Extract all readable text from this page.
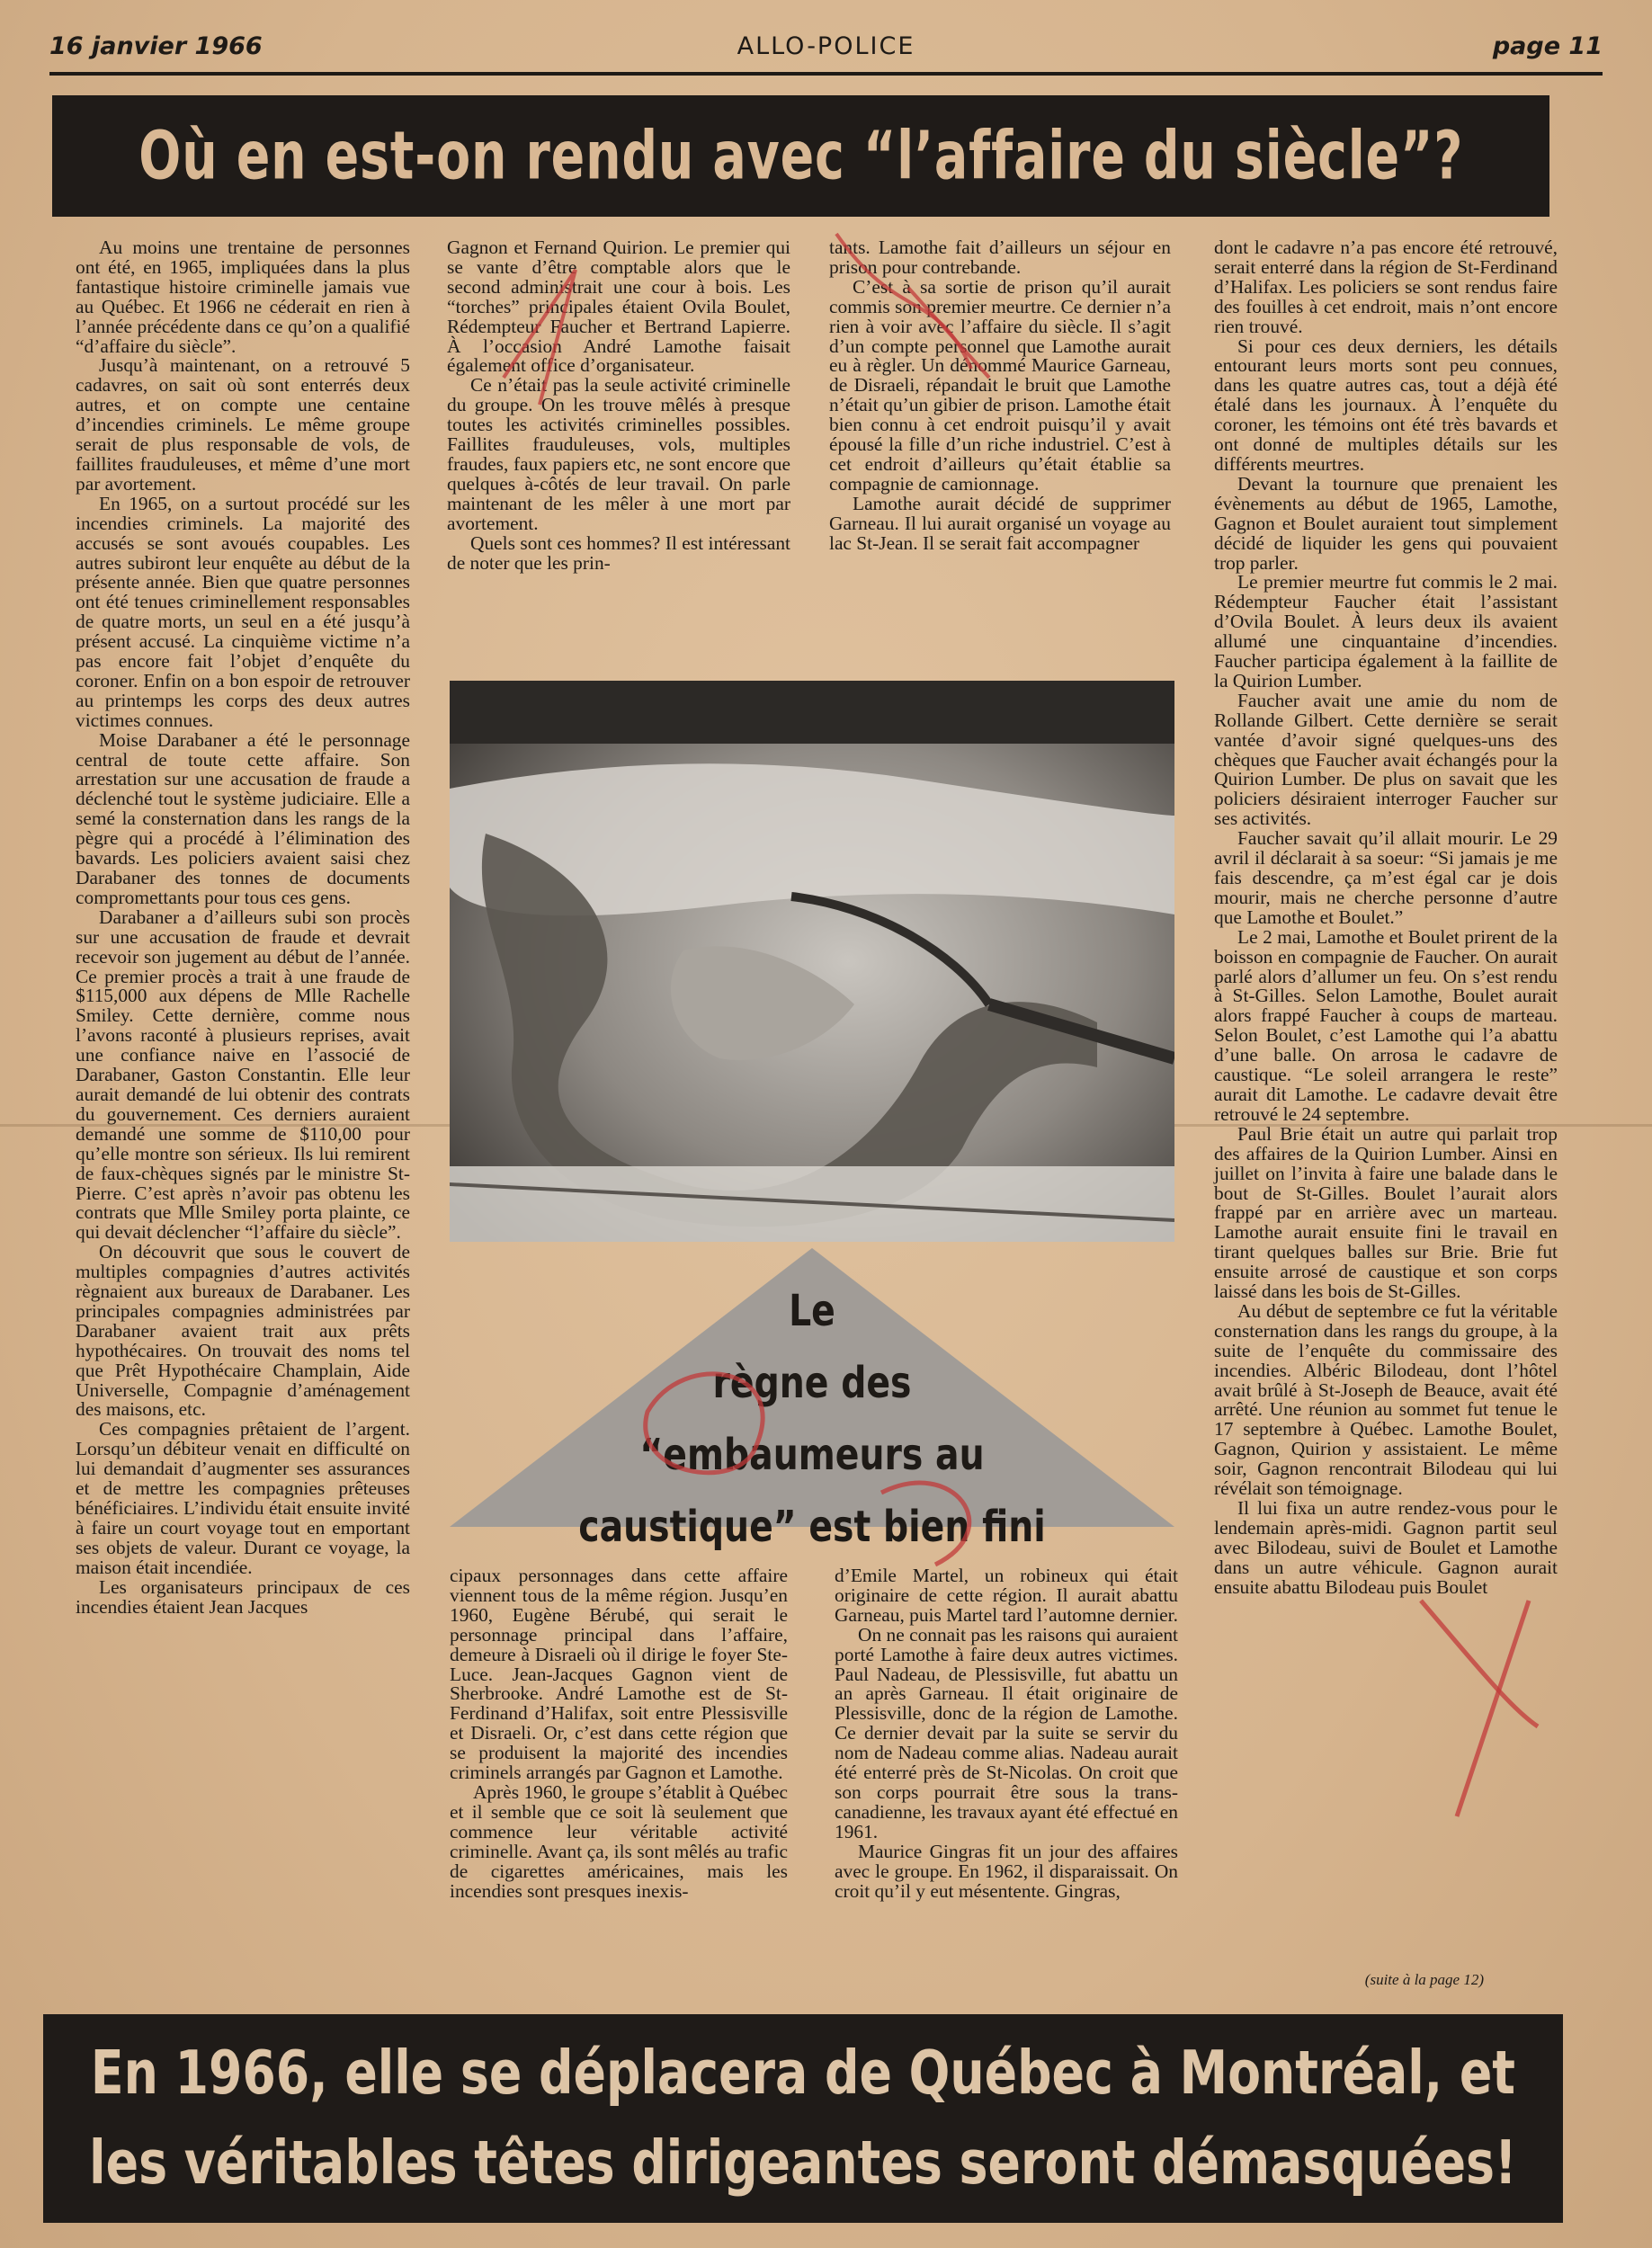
16 janvier 1966	ALLO-POLICE	page 11
Où en est-on rendu avec “l’affaire du siècle”?

Au moins une trentaine de personnes ont été, en 1965, impliquées dans la plus fantastique histoire criminelle jamais vue au Québec. Et 1966 ne céderait en rien à l’année précédente dans ce qu’on a qualifié “d’affaire du siècle”.

Jusqu’à maintenant, on a retrouvé 5 cadavres, on sait où sont enterrés deux autres, et on compte une centaine d’incendies criminels. Le même groupe serait de plus responsable de vols, de faillites frauduleuses, et même d’une mort par avortement.

En 1965, on a surtout procédé sur les incendies criminels. La majorité des accusés se sont avoués coupables. Les autres subiront leur enquête au début de la présente année. Bien que quatre personnes ont été tenues criminellement responsables de quatre morts, un seul en a été jusqu’à présent accusé. La cinquième victime n’a pas encore fait l’objet d’enquête du coroner. Enfin on a bon espoir de retrouver au printemps les corps des deux autres victimes connues.

Moise Darabaner a été le personnage central de toute cette affaire. Son arrestation sur une accusation de fraude a déclenché tout le système judiciaire. Elle a semé la consternation dans les rangs de la pègre qui a procédé à l’élimination des bavards. Les policiers avaient saisi chez Darabaner des tonnes de documents compromettants pour tous ces gens.

Darabaner a d’ailleurs subi son procès sur une accusation de fraude et devrait recevoir son jugement au début de l’année. Ce premier procès a trait à une fraude de $115,000 aux dépens de Mlle Rachelle Smiley. Cette dernière, comme nous l’avons raconté à plusieurs reprises, avait une confiance naive en l’associé de Darabaner, Gaston Constantin. Elle leur aurait demandé de lui obtenir des contrats du gouvernement. Ces derniers auraient demandé une somme de $110,00 pour qu’elle montre son sérieux. Ils lui remirent de faux-chèques signés par le ministre St-Pierre. C’est après n’avoir pas obtenu les contrats que Mlle Smiley porta plainte, ce qui devait déclencher “l’affaire du siècle”.

On découvrit que sous le couvert de multiples compagnies d’autres activités règnaient aux bureaux de Darabaner. Les principales compagnies administrées par Darabaner avaient trait aux prêts hypothécaires. On trouvait des noms tel que Prêt Hypothécaire Champlain, Aide Universelle, Compagnie d’aménagement des maisons, etc.

Ces compagnies prêtaient de l’argent. Lorsqu’un débiteur venait en difficulté on lui demandait d’augmenter ses assurances et de mettre les compagnies prêteuses bénéficiaires. L’individu était ensuite invité à faire un court voyage tout en emportant ses objets de valeur. Durant ce voyage, la maison était incendiée.

Les organisateurs principaux de ces incendies étaient Jean Jacques

Gagnon et Fernand Quirion. Le premier qui se vante d’être comptable alors que le second administrait une cour à bois. Les “torches” principales étaient Ovila Boulet, Rédempteur Faucher et Bertrand Lapierre. À l’occasion André Lamothe faisait également office d’organisateur.

Ce n’était pas la seule activité criminelle du groupe. On les trouve mêlés à presque toutes les activités criminelles possibles. Faillites frauduleuses, vols, multiples fraudes, faux papiers etc, ne sont encore que quelques à-côtés de leur travail. On parle maintenant de les mêler à une mort par avortement.

Quels sont ces hommes? Il est intéressant de noter que les prin-

tants. Lamothe fait d’ailleurs un séjour en prison pour contrebande.

C’est à sa sortie de prison qu’il aurait commis son premier meurtre. Ce dernier n’a rien à voir avec l’affaire du siècle. Il s’agit d’un compte personnel que Lamothe aurait eu à règler. Un dénommé Maurice Garneau, de Disraeli, répandait le bruit que Lamothe n’était qu’un gibier de prison. Lamothe était bien connu à cet endroit puisqu’il y avait épousé la fille d’un riche industriel. C’est à cet endroit d’ailleurs qu’était établie sa compagnie de camionnage.

Lamothe aurait décidé de supprimer Garneau. Il lui aurait organisé un voyage au lac St-Jean. Il se serait fait accompagner

dont le cadavre n’a pas encore été retrouvé, serait enterré dans la région de St-Ferdinand d’Halifax. Les policiers se sont rendus faire des fouilles à cet endroit, mais n’ont encore rien trouvé.

Si pour ces deux derniers, les détails entourant leurs morts sont peu connues, dans les quatre autres cas, tout a déjà été étalé dans les journaux. À l’enquête du coroner, les témoins ont été très bavards et ont donné de multiples détails sur les différents meurtres.

Devant la tournure que prenaient les évènements au début de 1965, Lamothe, Gagnon et Boulet auraient tout simplement décidé de liquider les gens qui pouvaient trop parler.

Le premier meurtre fut commis le 2 mai. Rédempteur Faucher était l’assistant d’Ovila Boulet. À leurs deux ils avaient allumé une cinquantaine d’incendies. Faucher participa également à la faillite de la Quirion Lumber.

Faucher avait une amie du nom de Rollande Gilbert. Cette dernière se serait vantée d’avoir signé quelques-uns des chèques que Faucher avait échangés pour la Quirion Lumber. De plus on savait que les policiers désiraient interroger Faucher sur ses activités.

Faucher savait qu’il allait mourir. Le 29 avril il déclarait à sa soeur: “Si jamais je me fais descendre, ça m’est égal car je dois mourir, mais ne cherche personne d’autre que Lamothe et Boulet.”

Le 2 mai, Lamothe et Boulet prirent de la boisson en compagnie de Faucher. On aurait parlé alors d’allumer un feu. On s’est rendu à St-Gilles. Selon Lamothe, Boulet aurait alors frappé Faucher à coups de marteau. Selon Boulet, c’est Lamothe qui l’a abattu d’une balle. On arrosa le cadavre de caustique. “Le soleil arrangera le reste” aurait dit Lamothe. Le cadavre devait être retrouvé le 24 septembre.

Paul Brie était un autre qui parlait trop des affaires de la Quirion Lumber. Ainsi en juillet on l’invita à faire une balade dans le bout de St-Gilles. Boulet l’aurait alors frappé par en arrière avec un marteau. Lamothe aurait ensuite fini le travail en tirant quelques balles sur Brie. Brie fut ensuite arrosé de caustique et son corps laissé dans les bois de St-Gilles.

Au début de septembre ce fut la véritable consternation dans les rangs du groupe, à la suite de l’enquête du commissaire des incendies. Albéric Bilodeau, dont l’hôtel avait brûlé à St-Joseph de Beauce, avait été arrêté. Une réunion au sommet fut tenue le 17 septembre à Québec. Lamothe Boulet, Gagnon, Quirion y assistaient. Le même soir, Gagnon rencontrait Bilodeau qui lui révélait son témoignage.

Il lui fixa un autre rendez-vous pour le lendemain après-midi. Gagnon partit seul avec Bilodeau, suivi de Boulet et Lamothe dans un autre véhicule. Gagnon aurait ensuite abattu Bilodeau puis Boulet

Le
règne des
“embaumeurs au
caustique” est bien fini

cipaux personnages dans cette affaire viennent tous de la même région. Jusqu’en 1960, Eugène Bérubé, qui serait le personnage principal dans l’affaire, demeure à Disraeli où il dirige le foyer Ste-Luce. Jean-Jacques Gagnon vient de Sherbrooke. André Lamothe est de St-Ferdinand d’Halifax, soit entre Plessisville et Disraeli. Or, c’est dans cette région que se produisent la majorité des incendies criminels arrangés par Gagnon et Lamothe.

Après 1960, le groupe s’établit à Québec et il semble que ce soit là seulement que commence leur véritable activité criminelle. Avant ça, ils sont mêlés au trafic de cigarettes américaines, mais les incendies sont presques inexis-

d’Emile Martel, un robineux qui était originaire de cette région. Il aurait abattu Garneau, puis Martel tard l’automne dernier.

On ne connait pas les raisons qui auraient porté Lamothe à faire deux autres victimes. Paul Nadeau, de Plessisville, fut abattu un an après Garneau. Il était originaire de Plessisville, donc de la région de Lamothe. Ce dernier devait par la suite se servir du nom de Nadeau comme alias. Nadeau aurait été enterré près de St-Nicolas. On croit que son corps pourrait être sous la trans-canadienne, les travaux ayant été effectué en 1961.

Maurice Gingras fit un jour des affaires avec le groupe. En 1962, il disparaissait. On croit qu’il y eut mésentente. Gingras,

(suite à la page 12)
En 1966, elle se déplacera de Québec à Montréal, et
les véritables têtes dirigeantes seront démasquées!
